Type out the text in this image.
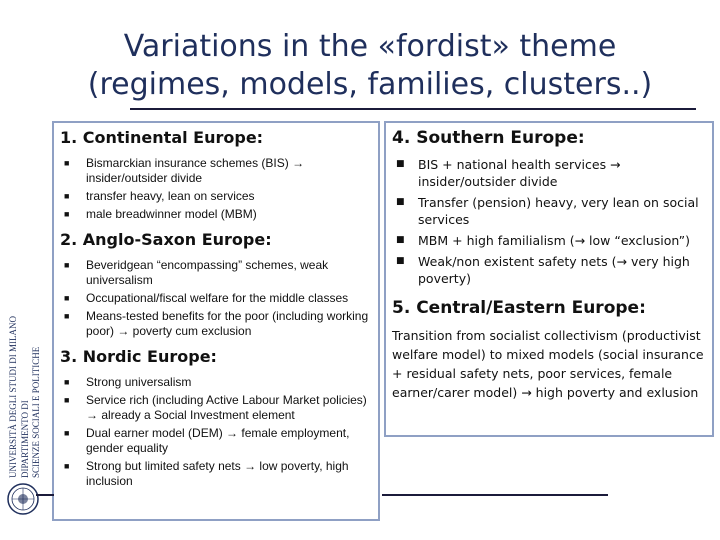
UNIVERSITÀ DEGLI STUDI DI MILANO DIPARTIMENTO DI SCIENZE SOCIALI E POLITICHE
Variations in the «fordist» theme
(regimes, models, families, clusters..)
1. Continental Europe:
■ Bismarckian insurance schemes (BIS) → insider/outsider divide
■ transfer heavy, lean on services
■ male breadwinner model (MBM)
2. Anglo-Saxon Europe:
■ Beveridgean “encompassing” schemes, weak universalism
■ Occupational/fiscal welfare for the middle classes
■ Means-tested benefits for the poor (including working poor) → poverty cum exclusion
3. Nordic Europe:
■ Strong universalism
■ Service rich (including Active Labour Market policies) → already a Social Investment element
■ Dual earner model (DEM) → female employment, gender equality
■ Strong but limited safety nets → low poverty, high inclusion
4. Southern Europe:
■ BIS + national health services → insider/outsider divide
■ Transfer (pension) heavy, very lean on social services
■ MBM + high familialism (→ low “exclusion”)
■ Weak/non existent safety nets (→ very high poverty)
5. Central/Eastern Europe:

Transition from socialist collectivism (productivist welfare model) to mixed models (social insurance + residual safety nets, poor services, female earner/carer model) → high poverty and exlusion
